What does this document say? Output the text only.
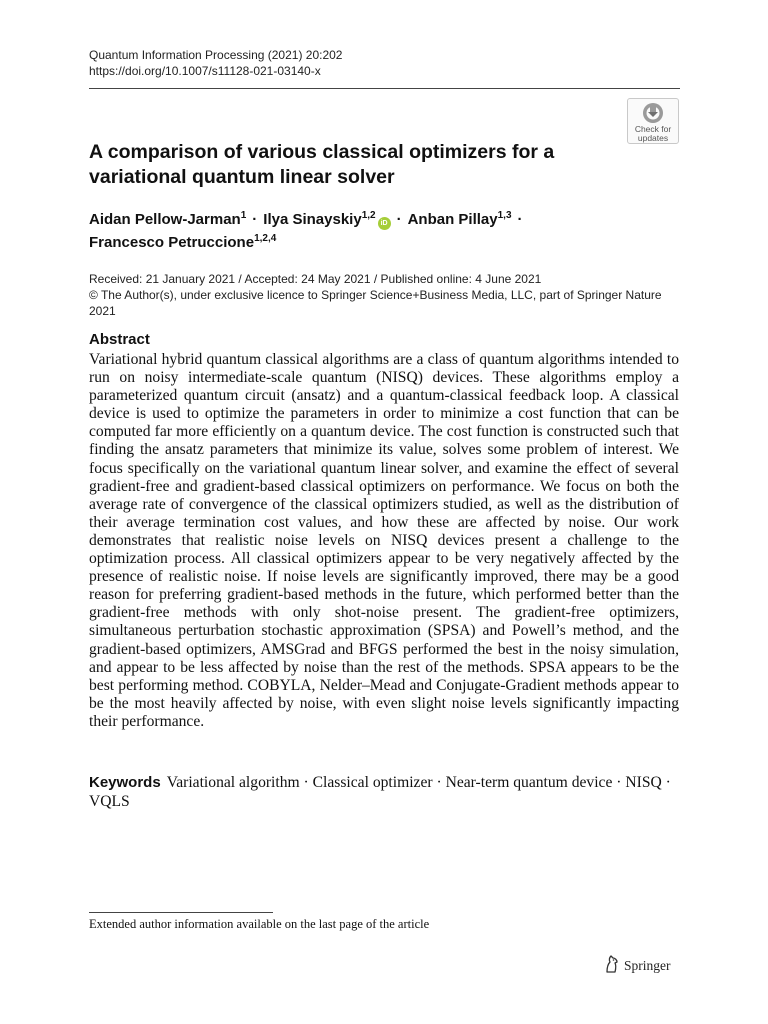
Quantum Information Processing (2021) 20:202
https://doi.org/10.1007/s11128-021-03140-x
Check for
updates
A comparison of various classical optimizers for a variational quantum linear solver
Aidan Pellow-Jarman$^1$ · Ilya Sinayskiy$^{1,2}$iD · Anban Pillay$^{1,3}$ ·
Francesco Petruccione$^{1,2,4}$
Received: 21 January 2021 / Accepted: 24 May 2021 / Published online: 4 June 2021
© The Author(s), under exclusive licence to Springer Science+Business Media, LLC, part of Springer Nature 2021
Abstract

Variational hybrid quantum classical algorithms are a class of quantum algorithms intended to run on noisy intermediate-scale quantum (NISQ) devices. These algorithms employ a parameterized quantum circuit (ansatz) and a quantum-classical feedback loop. A classical device is used to optimize the parameters in order to minimize a cost function that can be computed far more efficiently on a quantum device. The cost function is constructed such that finding the ansatz parameters that minimize its value, solves some problem of interest. We focus specifically on the variational quantum linear solver, and examine the effect of several gradient-free and gradient-based classical optimizers on performance. We focus on both the average rate of convergence of the classical optimizers studied, as well as the distribution of their average termination cost values, and how these are affected by noise. Our work demonstrates that realistic noise levels on NISQ devices present a challenge to the optimization process. All classical optimizers appear to be very negatively affected by the presence of realistic noise. If noise levels are significantly improved, there may be a good reason for preferring gradient-based methods in the future, which performed better than the gradient-free methods with only shot-noise present. The gradient-free optimizers, simultaneous perturbation stochastic approximation (SPSA) and Powell’s method, and the gradient-based optimizers, AMSGrad and BFGS performed the best in the noisy simulation, and appear to be less affected by noise than the rest of the methods. SPSA appears to be the best performing method. COBYLA, Nelder–Mead and Conjugate-Gradient methods appear to be the most heavily affected by noise, with even slight noise levels significantly impacting their performance.

Keywords Variational algorithm · Classical optimizer · Near-term quantum device · NISQ · VQLS
Extended author information available on the last page of the article
Springer
